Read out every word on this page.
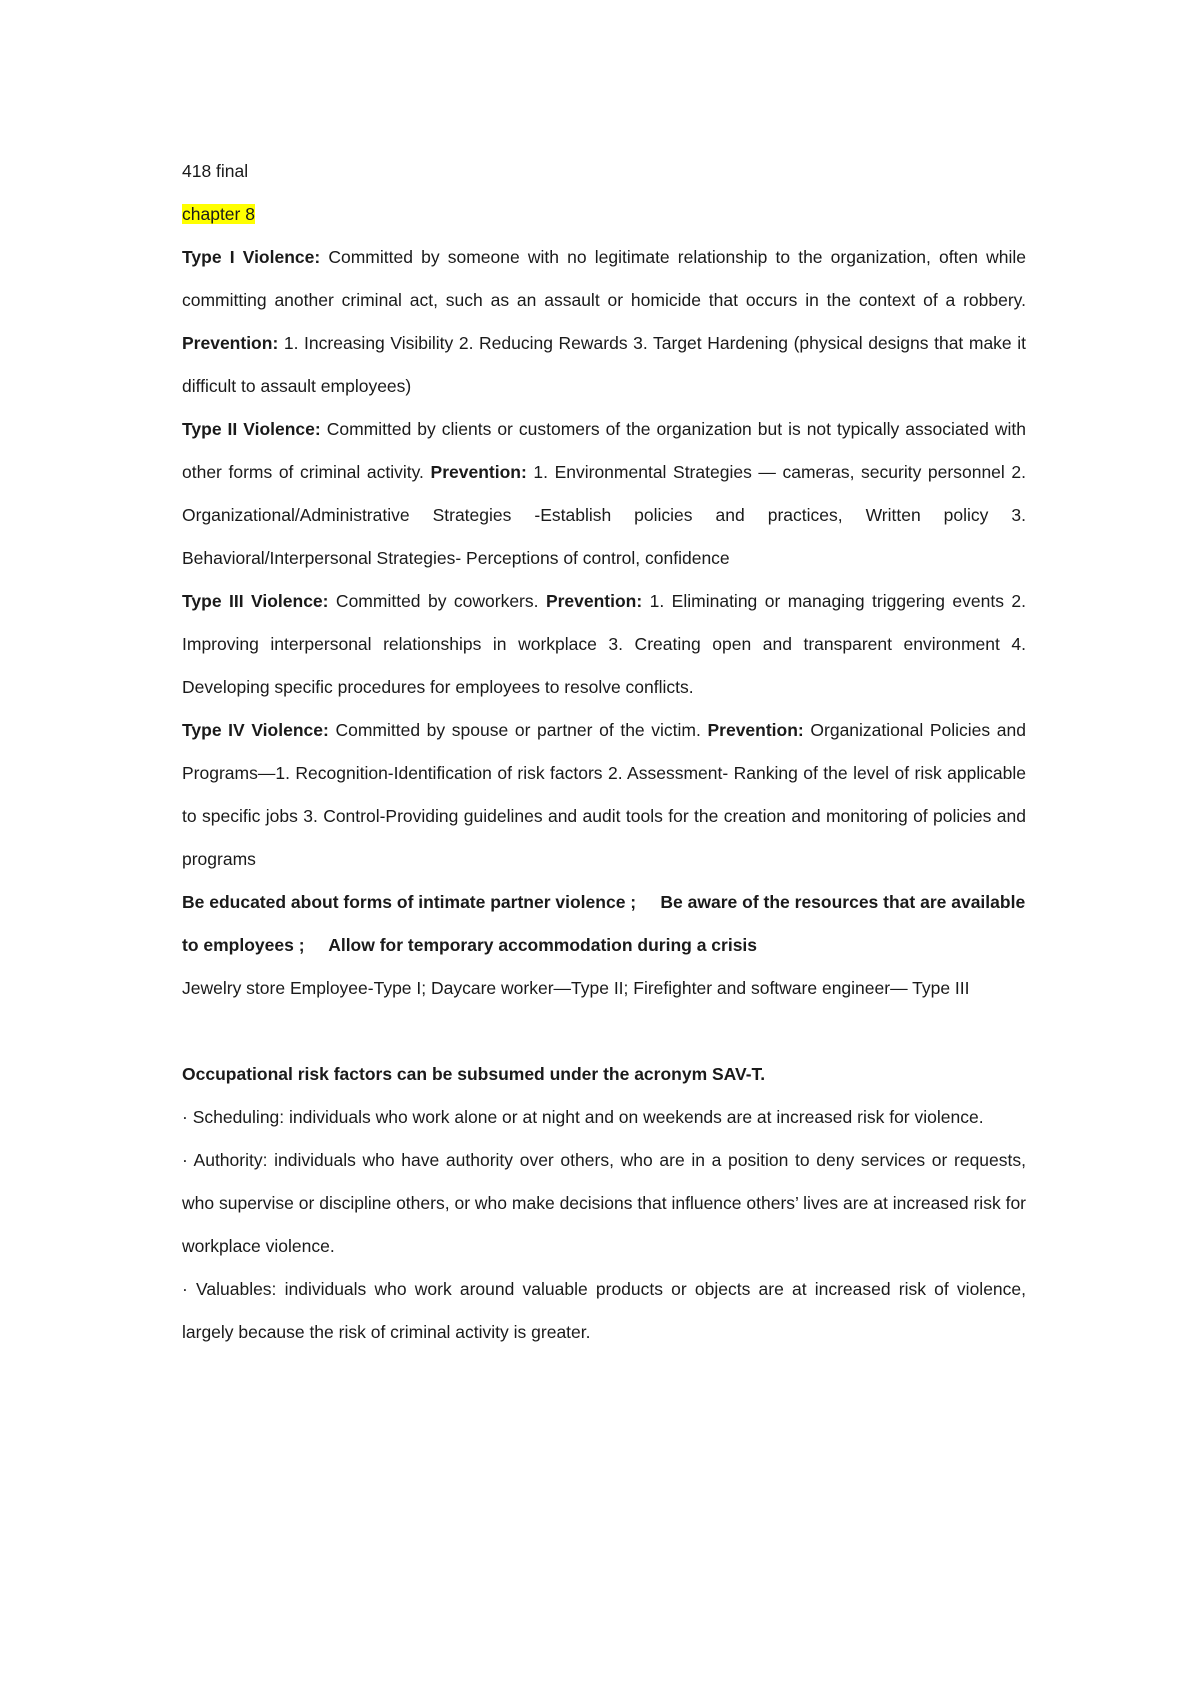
418 final

chapter 8

Type I Violence: Committed by someone with no legitimate relationship to the organization, often while committing another criminal act, such as an assault or homicide that occurs in the context of a robbery. Prevention: 1. Increasing Visibility 2. Reducing Rewards 3. Target Hardening (physical designs that make it difficult to assault employees)

Type II Violence: Committed by clients or customers of the organization but is not typically associated with other forms of criminal activity. Prevention: 1. Environmental Strategies — cameras, security personnel 2. Organizational/Administrative Strategies -Establish policies and practices, Written policy 3. Behavioral/Interpersonal Strategies- Perceptions of control, confidence

Type III Violence: Committed by coworkers. Prevention: 1. Eliminating or managing triggering events 2. Improving interpersonal relationships in workplace 3. Creating open and transparent environment 4. Developing specific procedures for employees to resolve conflicts.

Type IV Violence: Committed by spouse or partner of the victim. Prevention: Organizational Policies and Programs—1. Recognition-Identification of risk factors 2. Assessment- Ranking of the level of risk applicable to specific jobs 3. Control-Providing guidelines and audit tools for the creation and monitoring of policies and programs

Be educated about forms of intimate partner violence ;     Be aware of the resources that are available to employees ;     Allow for temporary accommodation during a crisis

Jewelry store Employee-Type I; Daycare worker—Type II; Firefighter and software engineer— Type III

Occupational risk factors can be subsumed under the acronym SAV-T.

· Scheduling: individuals who work alone or at night and on weekends are at increased risk for violence.

· Authority: individuals who have authority over others, who are in a position to deny services or requests, who supervise or discipline others, or who make decisions that influence others’ lives are at increased risk for workplace violence.

· Valuables: individuals who work around valuable products or objects are at increased risk of violence, largely because the risk of criminal activity is greater.
